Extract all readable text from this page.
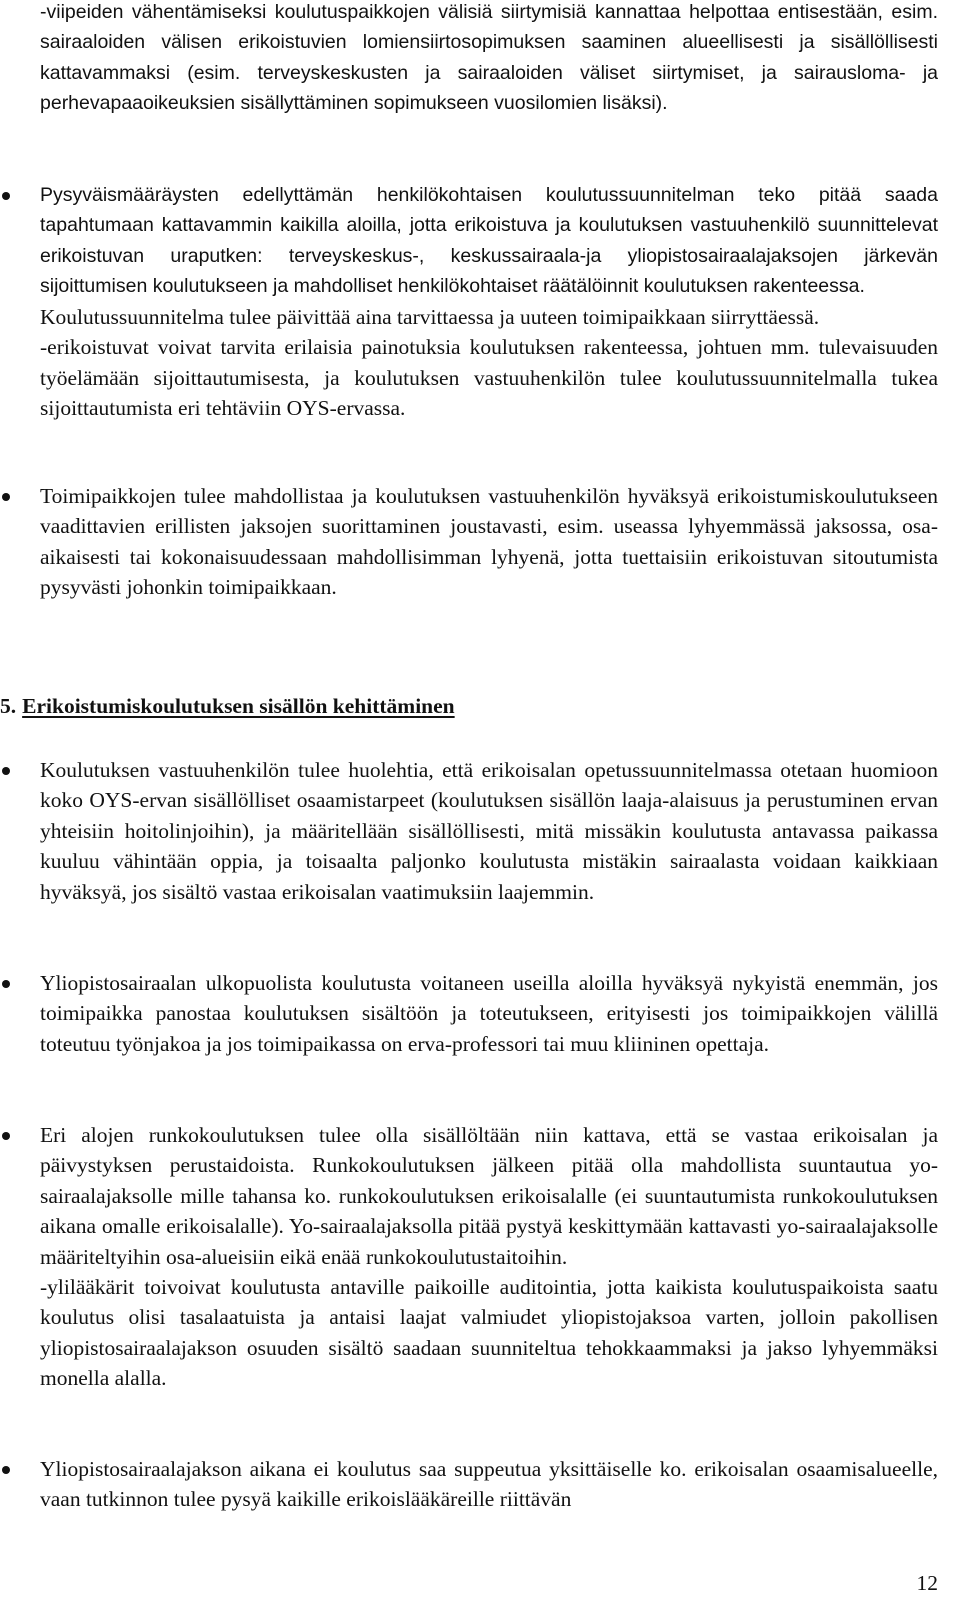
-viipeiden vähentämiseksi koulutuspaikkojen välisiä siirtymisiä kannattaa helpottaa entisestään, esim. sairaaloiden välisen erikoistuvien lomiensiirtosopimuksen saaminen alueellisesti ja sisällöllisesti kattavammaksi (esim. terveyskeskusten ja sairaaloiden väliset siirtymiset, ja sairausloma- ja perhevapaaoikeuksien sisällyttäminen sopimukseen vuosilomien lisäksi).

Pysyväismääräysten edellyttämän henkilökohtaisen koulutussuunnitelman teko pitää saada tapahtumaan kattavammin kaikilla aloilla, jotta erikoistuva ja koulutuksen vastuuhenkilö suunnittelevat erikoistuvan uraputken: terveyskeskus-, keskussairaala-ja yliopistosairaalajaksojen järkevän sijoittumisen koulutukseen ja mahdolliset henkilökohtaiset räätälöinnit koulutuksen rakenteessa.

Koulutussuunnitelma tulee päivittää aina tarvittaessa ja uuteen toimipaikkaan siirryttäessä.

-erikoistuvat voivat tarvita erilaisia painotuksia koulutuksen rakenteessa, johtuen mm. tulevaisuuden työelämään sijoittautumisesta, ja koulutuksen vastuuhenkilön tulee koulutussuunnitelmalla tukea sijoittautumista eri tehtäviin OYS-ervassa.

Toimipaikkojen tulee mahdollistaa ja koulutuksen vastuuhenkilön hyväksyä erikoistumiskoulutukseen vaadittavien erillisten jaksojen suorittaminen joustavasti, esim. useassa lyhyemmässä jaksossa, osa-aikaisesti tai kokonaisuudessaan mahdollisimman lyhyenä, jotta tuettaisiin erikoistuvan sitoutumista pysyvästi johonkin toimipaikkaan.

5. Erikoistumiskoulutuksen sisällön kehittäminen

Koulutuksen vastuuhenkilön tulee huolehtia, että erikoisalan opetussuunnitelmassa otetaan huomioon koko OYS-ervan sisällölliset osaamistarpeet (koulutuksen sisällön laaja-alaisuus ja perustuminen ervan yhteisiin hoitolinjoihin), ja määritellään sisällöllisesti, mitä missäkin koulutusta antavassa paikassa kuuluu vähintään oppia, ja toisaalta paljonko koulutusta mistäkin sairaalasta voidaan kaikkiaan hyväksyä, jos sisältö vastaa erikoisalan vaatimuksiin laajemmin.

Yliopistosairaalan ulkopuolista koulutusta voitaneen useilla aloilla hyväksyä nykyistä enemmän, jos toimipaikka panostaa koulutuksen sisältöön ja toteutukseen, erityisesti jos toimipaikkojen välillä toteutuu työnjakoa ja jos toimipaikassa on erva-professori tai muu kliininen opettaja.

Eri alojen runkokoulutuksen tulee olla sisällöltään niin kattava, että se vastaa erikoisalan ja päivystyksen perustaidoista. Runkokoulutuksen jälkeen pitää olla mahdollista suuntautua yo-sairaalajaksolle mille tahansa ko. runkokoulutuksen erikoisalalle (ei suuntautumista runkokoulutuksen aikana omalle erikoisalalle). Yo-sairaalajaksolla pitää pystyä keskittymään kattavasti yo-sairaalajaksolle määriteltyihin osa-alueisiin eikä enää runkokoulutustaitoihin.

-ylilääkärit toivoivat koulutusta antaville paikoille auditointia, jotta kaikista koulutuspaikoista saatu koulutus olisi tasalaatuista ja antaisi laajat valmiudet yliopistojaksoa varten, jolloin pakollisen yliopistosairaalajakson osuuden sisältö saadaan suunniteltua tehokkaammaksi ja jakso lyhyemmäksi monella alalla.

Yliopistosairaalajakson aikana ei koulutus saa suppeutua yksittäiselle ko. erikoisalan osaamisalueelle, vaan tutkinnon tulee pysyä kaikille erikoislääkäreille riittävän

12
